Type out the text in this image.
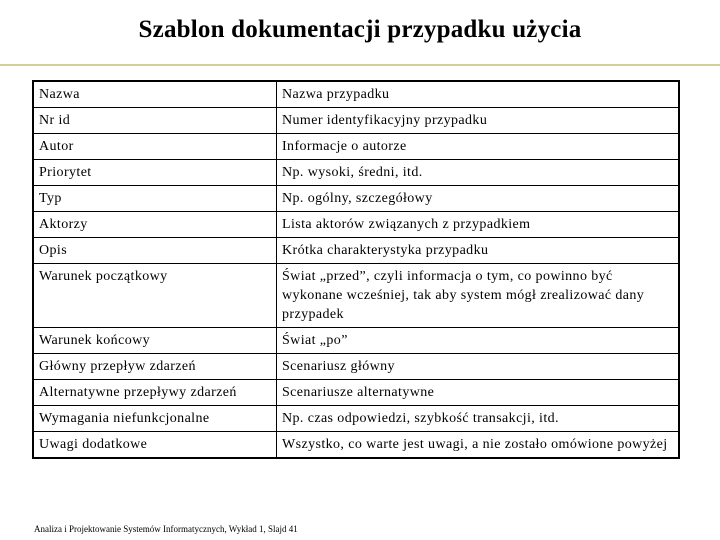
Szablon dokumentacji przypadku użycia
Nazwa	Nazwa przypadku
Nr id	Numer identyfikacyjny przypadku
Autor	Informacje o autorze
Priorytet	Np. wysoki, średni, itd.
Typ	Np. ogólny, szczegółowy
Aktorzy	Lista aktorów związanych z przypadkiem
Opis	Krótka charakterystyka przypadku
Warunek początkowy	Świat „przed”, czyli informacja o tym, co powinno być wykonane wcześniej, tak aby system mógł zrealizować dany przypadek
Warunek końcowy	Świat „po”
Główny przepływ zdarzeń	Scenariusz główny
Alternatywne przepływy zdarzeń	Scenariusze alternatywne
Wymagania niefunkcjonalne	Np. czas odpowiedzi, szybkość transakcji, itd.
Uwagi dodatkowe	Wszystko, co warte jest uwagi, a nie zostało omówione powyżej
Analiza i Projektowanie Systemów Informatycznych, Wykład 1, Slajd 41
